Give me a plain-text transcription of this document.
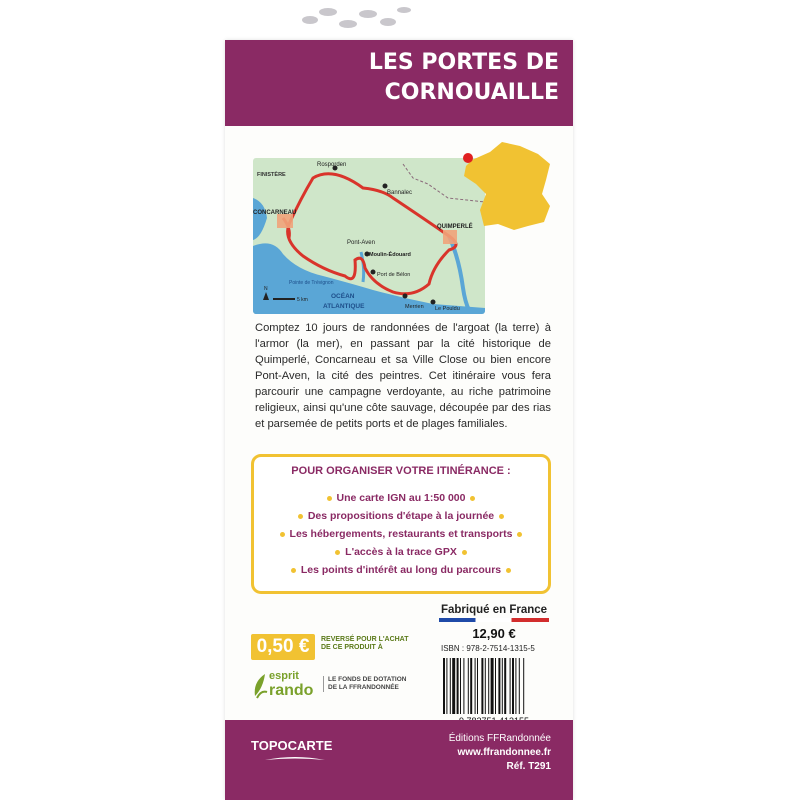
LES PORTES DE
CORNOUAILLE
Rosporden
FINISTÈRE
Bannalec
CONCARNEAU
QUIMPERLÉ
Pont-Aven
Moulin-Édouard
Port de Bélon
Pointe de Trévignon
OCÉAN
ATLANTIQUE	Merrien Le Pouldu
N
5 km

Comptez 10 jours de randonnées de l'argoat (la terre) à l'armor (la mer), en passant par la cité historique de Quimperlé, Concarneau et sa Ville Close ou bien encore Pont-Aven, la cité des peintres. Cet itinéraire vous fera parcourir une campagne verdoyante, au riche patrimoine religieux, ainsi qu'une côte sauvage, découpée par des rias et parsemée de petits ports et de plages familiales.

POUR ORGANISER VOTRE ITINÉRANCE :
Une carte IGN au 1:50 000
Des propositions d'étape à la journée
Les hébergements, restaurants et transports
L'accès à la trace GPX
Les points d'intérêt au long du parcours
0,50 €	REVERSÉ POUR L'ACHAT DE CE PRODUIT À
esprit
rando
LE FONDS DE DOTATION DE LA FFRANDONNÉE
Fabriqué en France
12,90 €
ISBN : 978-2-7514-1315-5
TOPOCARTE	Éditions FFRandonnée
www.ffrandonnee.fr
Réf. T291
